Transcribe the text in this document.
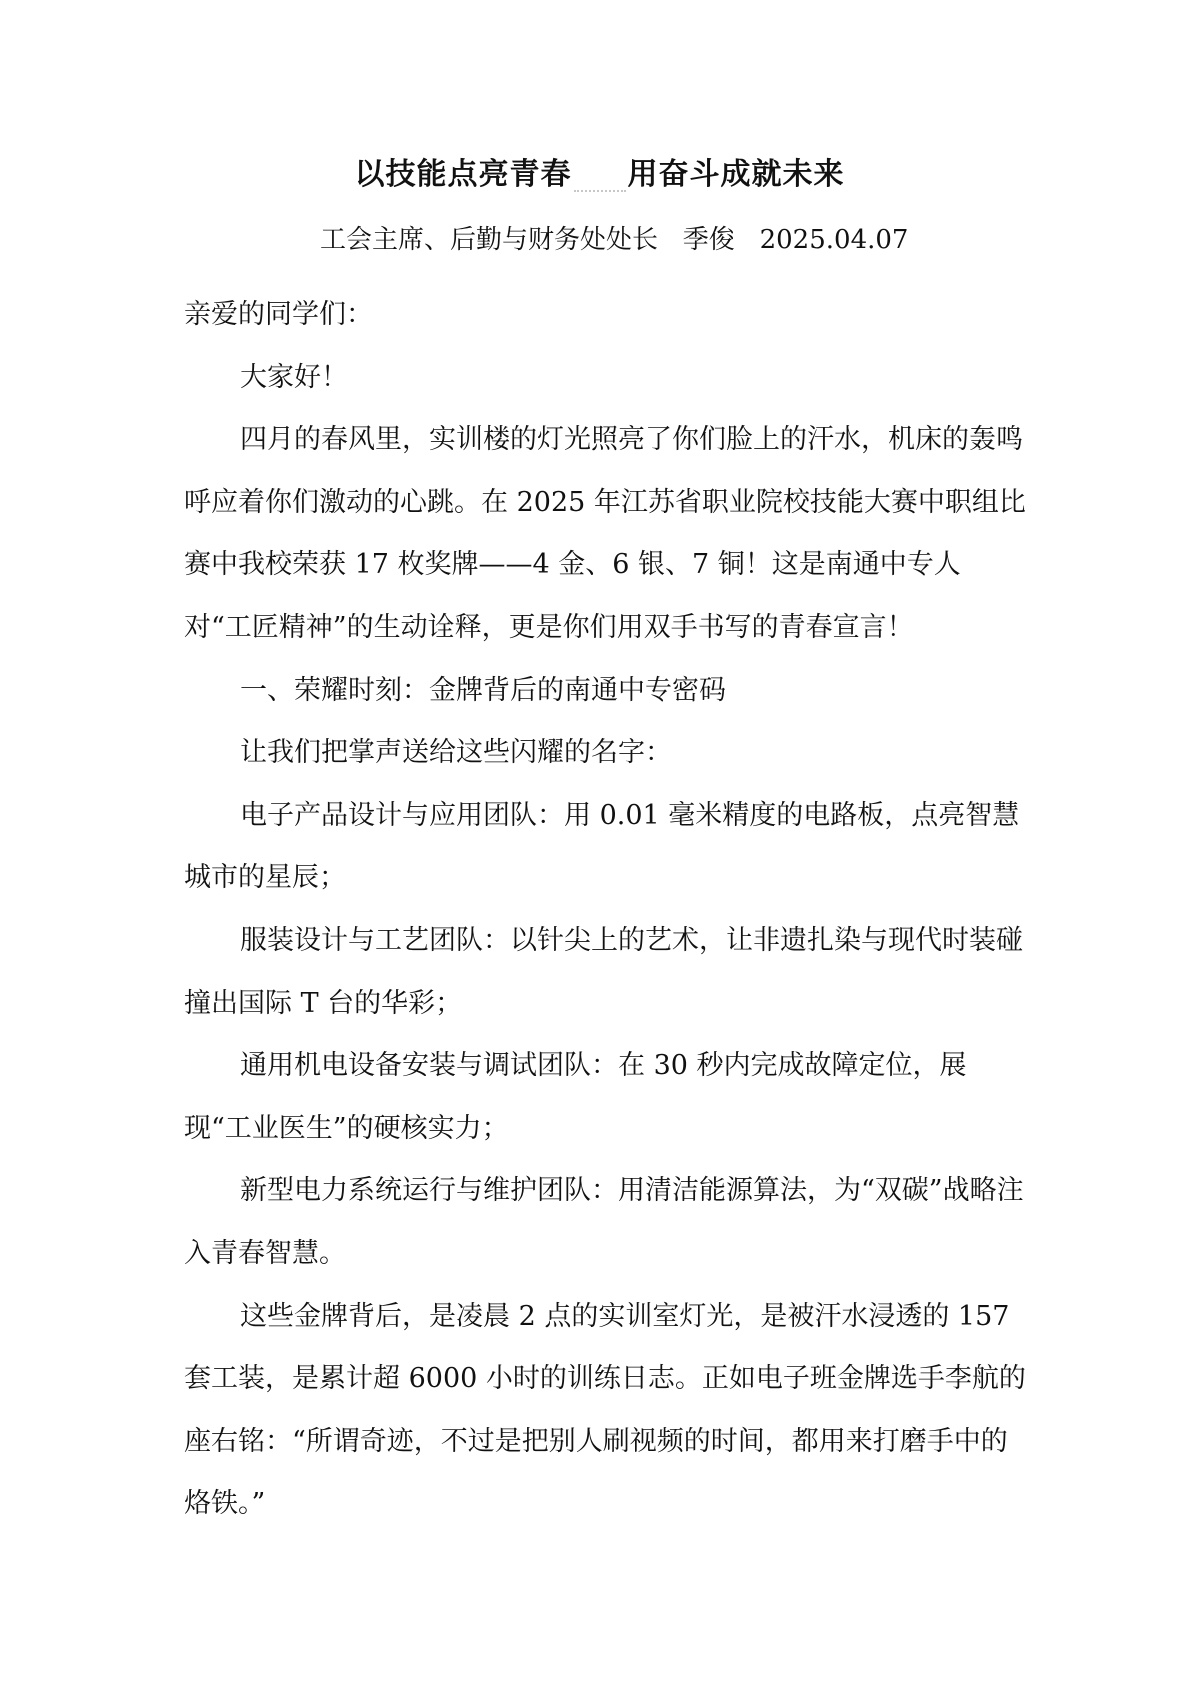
以技能点亮青春 用奋斗成就未来
工会主席、后勤与财务处处长   季俊   2025.04.07

亲爱的同学们：

大家好！

四月的春风里，实训楼的灯光照亮了你们脸上的汗水，机床的轰鸣呼应着你们激动的心跳。在 2025 年江苏省职业院校技能大赛中职组比赛中我校荣获 17 枚奖牌——4 金、6 银、7 铜！这是南通中专人对“工匠精神”的生动诠释，更是你们用双手书写的青春宣言！

一、荣耀时刻：金牌背后的南通中专密码

让我们把掌声送给这些闪耀的名字：

电子产品设计与应用团队：用 0.01 毫米精度的电路板，点亮智慧城市的星辰；

服装设计与工艺团队：以针尖上的艺术，让非遗扎染与现代时装碰撞出国际 T 台的华彩；

通用机电设备安装与调试团队：在 30 秒内完成故障定位，展现“工业医生”的硬核实力；

新型电力系统运行与维护团队：用清洁能源算法，为“双碳”战略注入青春智慧。

这些金牌背后，是凌晨 2 点的实训室灯光，是被汗水浸透的 157 套工装，是累计超 6000 小时的训练日志。正如电子班金牌选手李航的座右铭：“所谓奇迹，不过是把别人刷视频的时间，都用来打磨手中的烙铁。”
